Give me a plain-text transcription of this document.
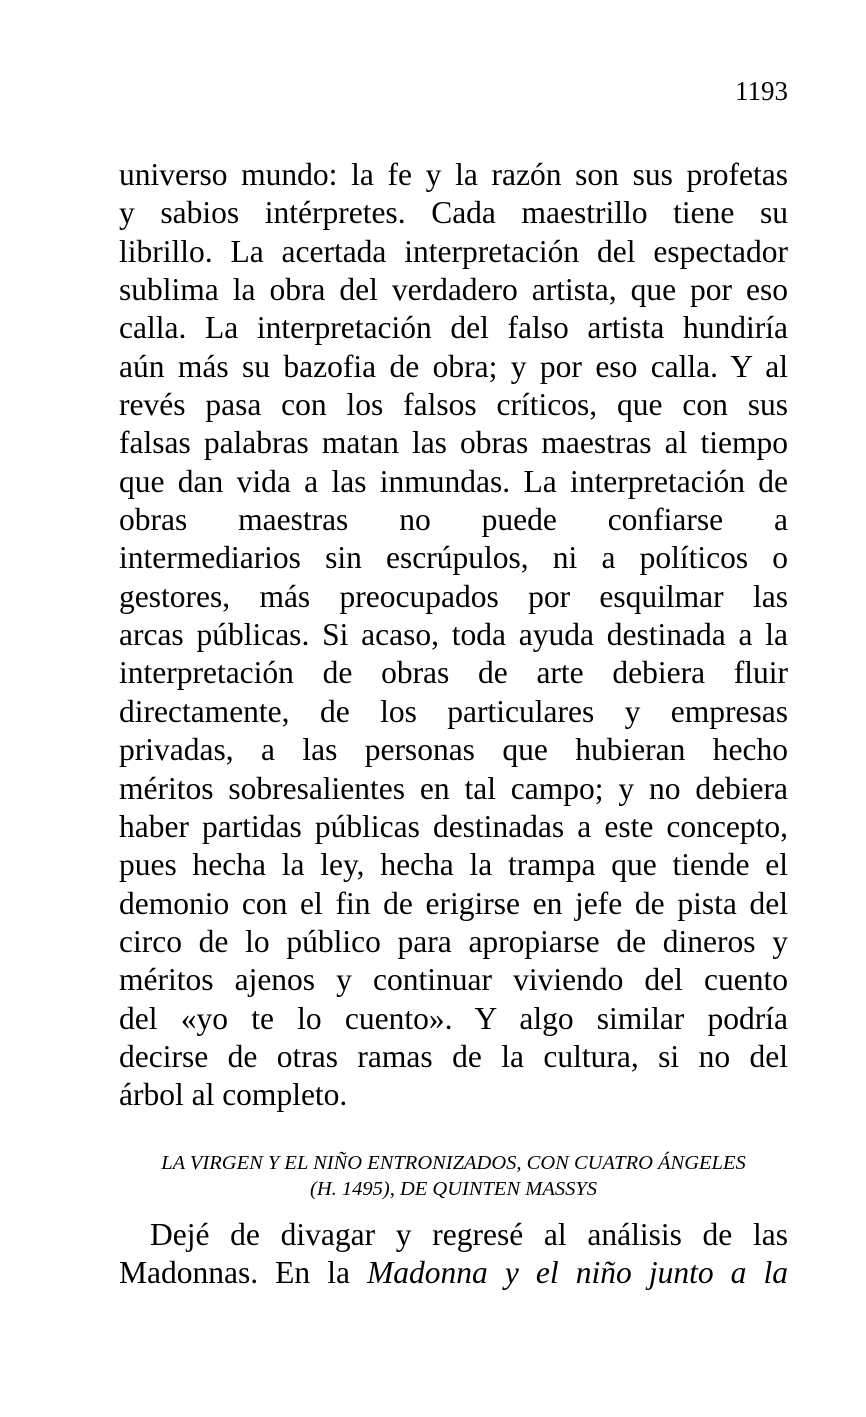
1193
universo mundo: la fe y la razón son sus profetas
y sabios intérpretes. Cada maestrillo tiene su
librillo. La acertada interpretación del espectador
sublima la obra del verdadero artista, que por eso
calla. La interpretación del falso artista hundiría
aún más su bazofia de obra; y por eso calla. Y al
revés pasa con los falsos críticos, que con sus
falsas palabras matan las obras maestras al tiempo
que dan vida a las inmundas. La interpretación de
obras maestras no puede confiarse a
intermediarios sin escrúpulos, ni a políticos o
gestores, más preocupados por esquilmar las
arcas públicas. Si acaso, toda ayuda destinada a la
interpretación de obras de arte debiera fluir
directamente, de los particulares y empresas
privadas, a las personas que hubieran hecho
méritos sobresalientes en tal campo; y no debiera
haber partidas públicas destinadas a este concepto,
pues hecha la ley, hecha la trampa que tiende el
demonio con el fin de erigirse en jefe de pista del
circo de lo público para apropiarse de dineros y
méritos ajenos y continuar viviendo del cuento
del «yo te lo cuento». Y algo similar podría
decirse de otras ramas de la cultura, si no del
árbol al completo.
LA VIRGEN Y EL NIÑO ENTRONIZADOS, CON CUATRO ÁNGELES
(H. 1495), DE QUINTEN MASSYS
Dejé de divagar y regresé al análisis de las
Madonnas. En la Madonna y el niño junto a la
